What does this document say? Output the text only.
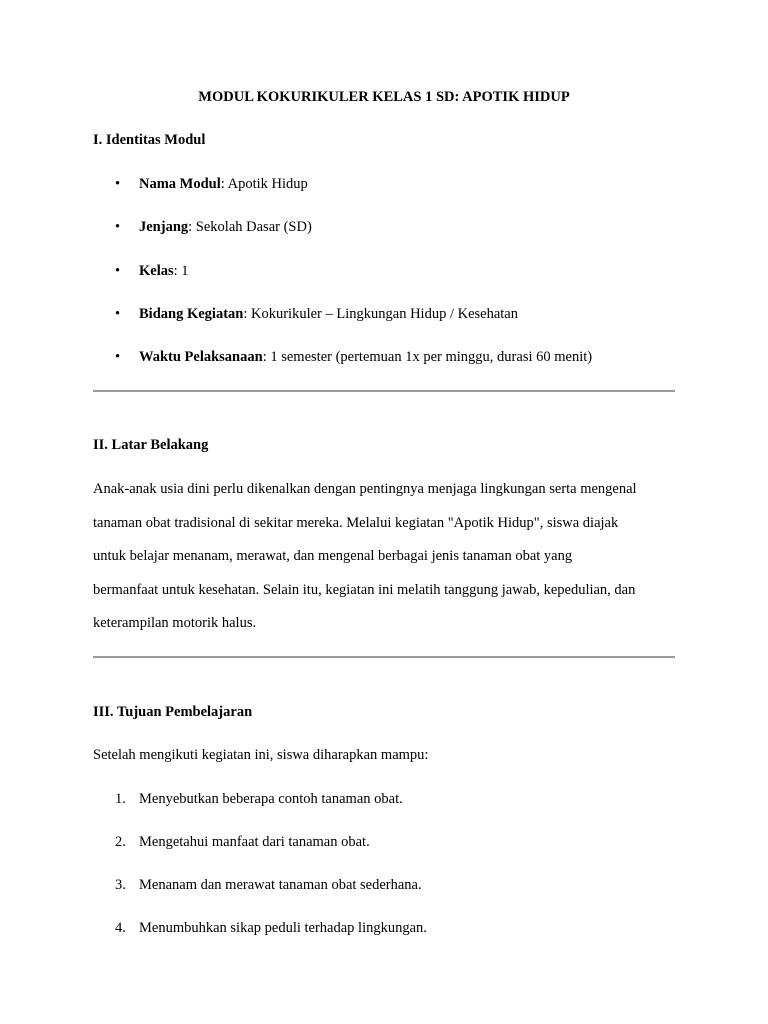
MODUL KOKURIKULER KELAS 1 SD: APOTIK HIDUP
I. Identitas Modul
• Nama Modul: Apotik Hidup
• Jenjang: Sekolah Dasar (SD)
• Kelas: 1
• Bidang Kegiatan: Kokurikuler – Lingkungan Hidup / Kesehatan
• Waktu Pelaksanaan: 1 semester (pertemuan 1x per minggu, durasi 60 menit)
II. Latar Belakang
Anak-anak usia dini perlu dikenalkan dengan pentingnya menjaga lingkungan serta mengenal
tanaman obat tradisional di sekitar mereka. Melalui kegiatan "Apotik Hidup", siswa diajak
untuk belajar menanam, merawat, dan mengenal berbagai jenis tanaman obat yang
bermanfaat untuk kesehatan. Selain itu, kegiatan ini melatih tanggung jawab, kepedulian, dan
keterampilan motorik halus.
III. Tujuan Pembelajaran
Setelah mengikuti kegiatan ini, siswa diharapkan mampu:
1. Menyebutkan beberapa contoh tanaman obat.
2. Mengetahui manfaat dari tanaman obat.
3. Menanam dan merawat tanaman obat sederhana.
4. Menumbuhkan sikap peduli terhadap lingkungan.
